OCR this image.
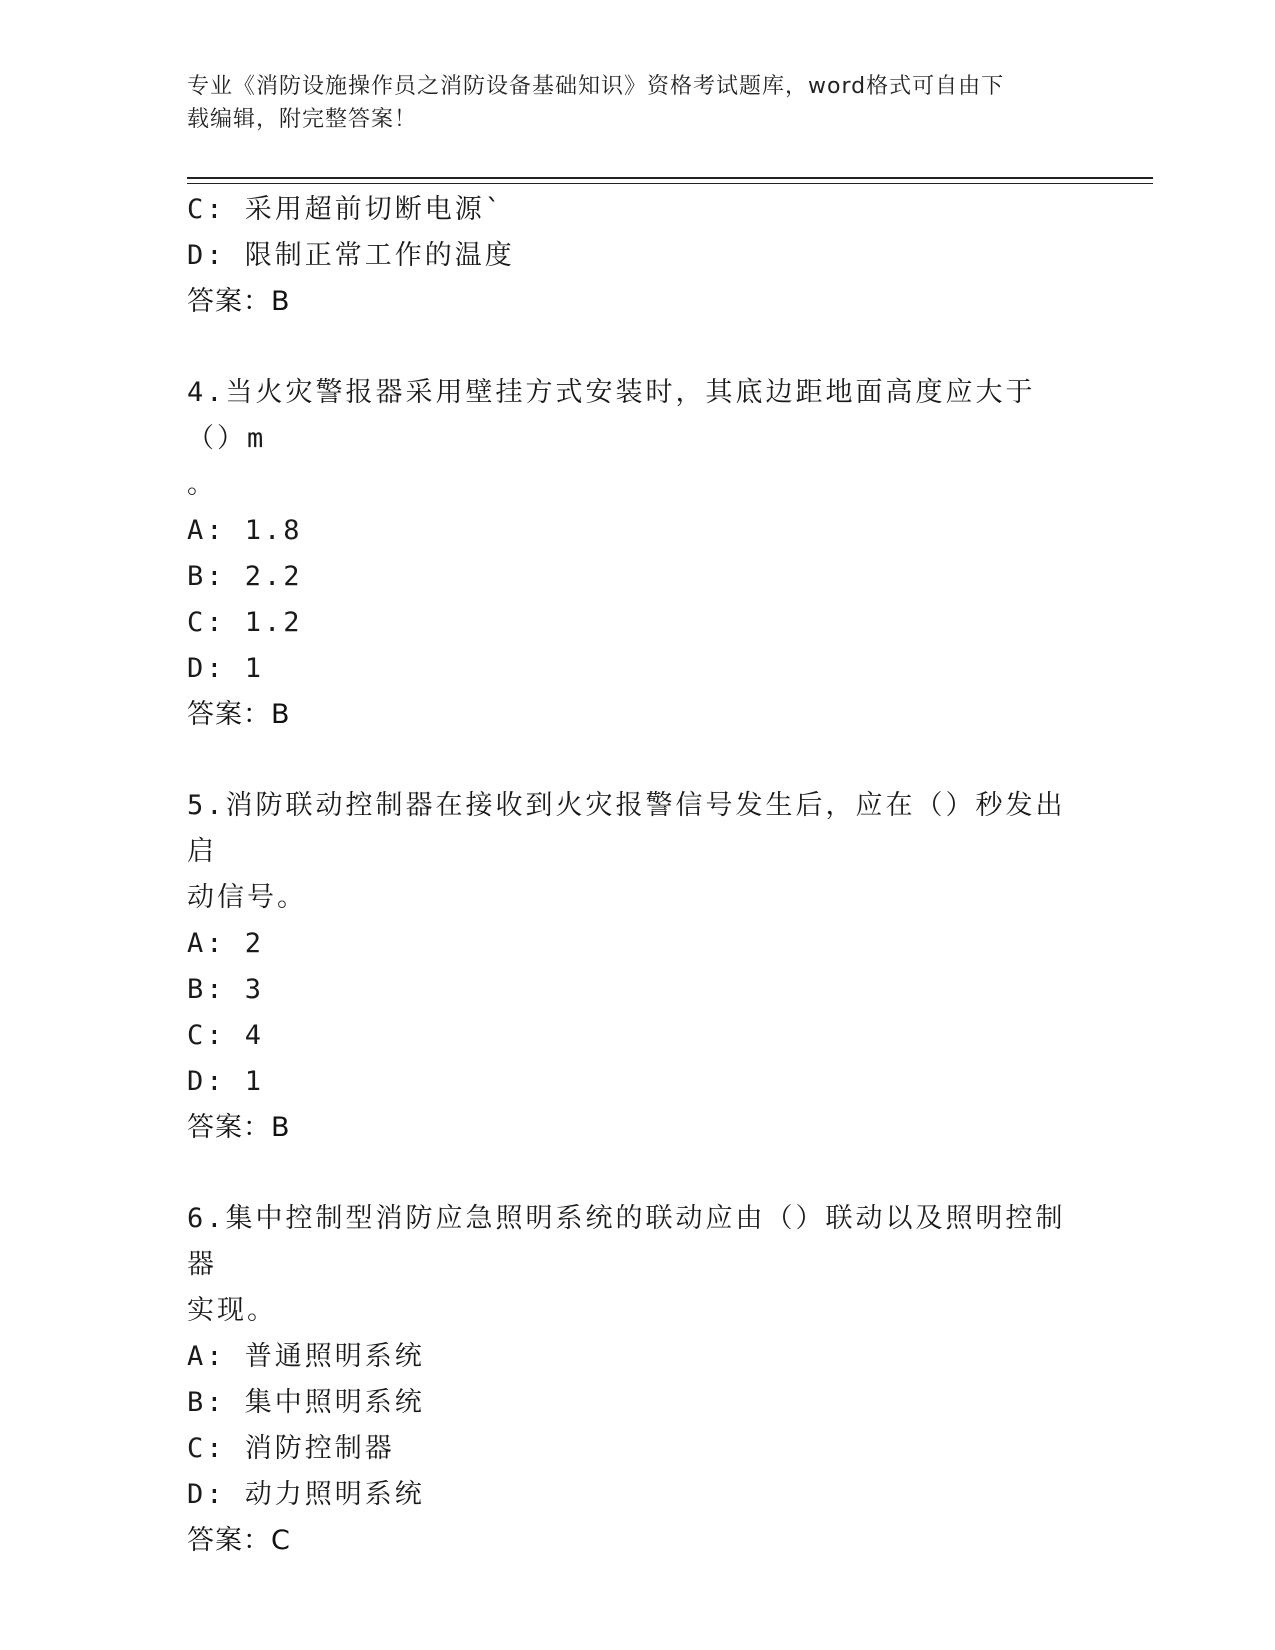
专业《消防设施操作员之消防设备基础知识》资格考试题库，word格式可自由下
载编辑，附完整答案！
C: 采用超前切断电源`
D: 限制正常工作的温度
答案：B
4.当火灾警报器采用壁挂方式安装时，其底边距地面高度应大于（）m
。
A: 1.8
B: 2.2
C: 1.2
D: 1
答案：B
5.消防联动控制器在接收到火灾报警信号发生后，应在（）秒发出启
动信号。
A: 2
B: 3
C: 4
D: 1
答案：B
6.集中控制型消防应急照明系统的联动应由（）联动以及照明控制器
实现。
A: 普通照明系统
B: 集中照明系统
C: 消防控制器
D: 动力照明系统
答案：C
